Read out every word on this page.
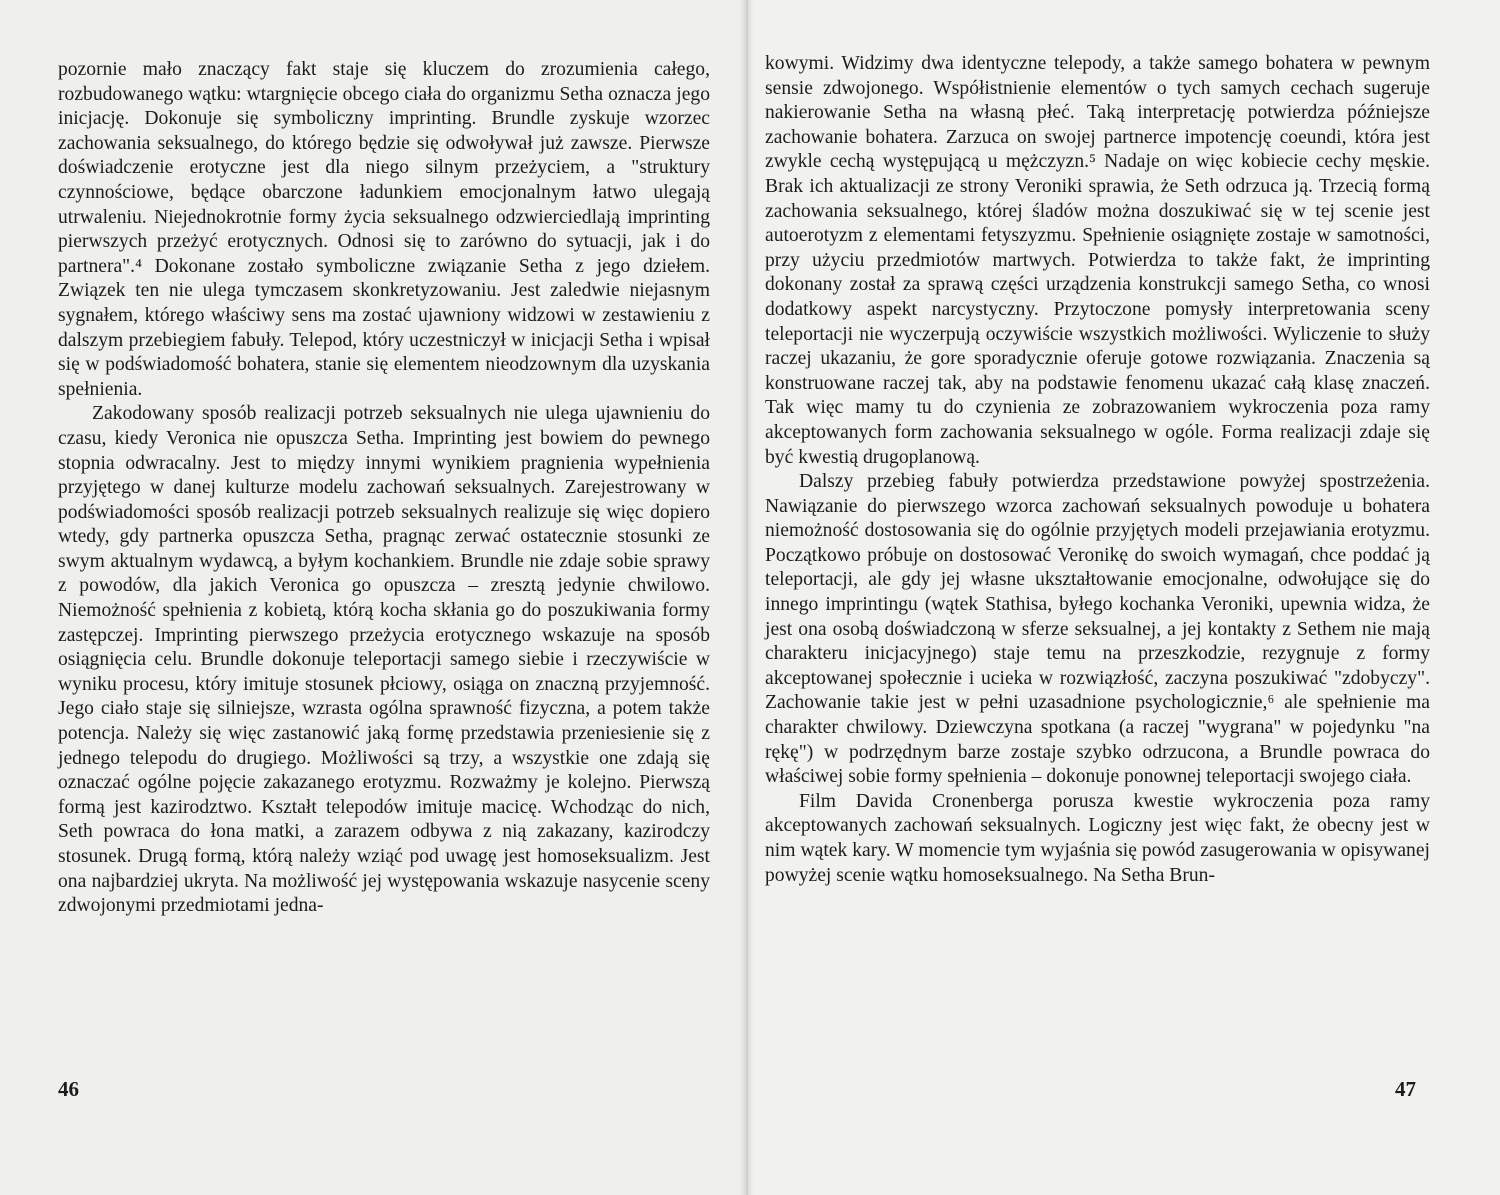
pozornie mało znaczący fakt staje się kluczem do zrozumienia całego, rozbudowanego wątku: wtargnięcie obcego ciała do organizmu Setha oznacza jego inicjację. Dokonuje się symboliczny imprinting. Brundle zyskuje wzorzec zachowania seksualnego, do którego będzie się odwoływał już zawsze. Pierwsze doświadczenie erotyczne jest dla niego silnym przeżyciem, a "struktury czynnościowe, będące obarczone ładunkiem emocjonalnym łatwo ulegają utrwaleniu. Niejednokrotnie formy życia seksualnego odzwierciedlają imprinting pierwszych przeżyć erotycznych. Odnosi się to zarówno do sytuacji, jak i do partnera".⁴ Dokonane zostało symboliczne związanie Setha z jego dziełem. Związek ten nie ulega tymczasem skonkretyzowaniu. Jest zaledwie niejasnym sygnałem, którego właściwy sens ma zostać ujawniony widzowi w zestawieniu z dalszym przebiegiem fabuły. Telepod, który uczestniczył w inicjacji Setha i wpisał się w podświadomość bohatera, stanie się elementem nieodzownym dla uzyskania spełnienia.

Zakodowany sposób realizacji potrzeb seksualnych nie ulega ujawnieniu do czasu, kiedy Veronica nie opuszcza Setha. Imprinting jest bowiem do pewnego stopnia odwracalny. Jest to między innymi wynikiem pragnienia wypełnienia przyjętego w danej kulturze modelu zachowań seksualnych. Zarejestrowany w podświadomości sposób realizacji potrzeb seksualnych realizuje się więc dopiero wtedy, gdy partnerka opuszcza Setha, pragnąc zerwać ostatecznie stosunki ze swym aktualnym wydawcą, a byłym kochankiem. Brundle nie zdaje sobie sprawy z powodów, dla jakich Veronica go opuszcza – zresztą jedynie chwilowo. Niemożność spełnienia z kobietą, którą kocha skłania go do poszukiwania formy zastępczej. Imprinting pierwszego przeżycia erotycznego wskazuje na sposób osiągnięcia celu. Brundle dokonuje teleportacji samego siebie i rzeczywiście w wyniku procesu, który imituje stosunek płciowy, osiąga on znaczną przyjemność. Jego ciało staje się silniejsze, wzrasta ogólna sprawność fizyczna, a potem także potencja. Należy się więc zastanowić jaką formę przedstawia przeniesienie się z jednego telepodu do drugiego. Możliwości są trzy, a wszystkie one zdają się oznaczać ogólne pojęcie zakazanego erotyzmu. Rozważmy je kolejno. Pierwszą formą jest kazirodztwo. Kształt telepodów imituje macicę. Wchodząc do nich, Seth powraca do łona matki, a zarazem odbywa z nią zakazany, kazirodczy stosunek. Drugą formą, którą należy wziąć pod uwagę jest homoseksualizm. Jest ona najbardziej ukryta. Na możliwość jej występowania wskazuje nasycenie sceny zdwojonymi przedmiotami jedna-

46

kowymi. Widzimy dwa identyczne telepody, a także samego bohatera w pewnym sensie zdwojonego. Współistnienie elementów o tych samych cechach sugeruje nakierowanie Setha na własną płeć. Taką interpretację potwierdza późniejsze zachowanie bohatera. Zarzuca on swojej partnerce impotencję coeundi, która jest zwykle cechą występującą u mężczyzn.⁵ Nadaje on więc kobiecie cechy męskie. Brak ich aktualizacji ze strony Veroniki sprawia, że Seth odrzuca ją. Trzecią formą zachowania seksualnego, której śladów można doszukiwać się w tej scenie jest autoerotyzm z elementami fetyszyzmu. Spełnienie osiągnięte zostaje w samotności, przy użyciu przedmiotów martwych. Potwierdza to także fakt, że imprinting dokonany został za sprawą części urządzenia konstrukcji samego Setha, co wnosi dodatkowy aspekt narcystyczny. Przytoczone pomysły interpretowania sceny teleportacji nie wyczerpują oczywiście wszystkich możliwości. Wyliczenie to służy raczej ukazaniu, że gore sporadycznie oferuje gotowe rozwiązania. Znaczenia są konstruowane raczej tak, aby na podstawie fenomenu ukazać całą klasę znaczeń. Tak więc mamy tu do czynienia ze zobrazowaniem wykroczenia poza ramy akceptowanych form zachowania seksualnego w ogóle. Forma realizacji zdaje się być kwestią drugoplanową.

Dalszy przebieg fabuły potwierdza przedstawione powyżej spostrzeżenia. Nawiązanie do pierwszego wzorca zachowań seksualnych powoduje u bohatera niemożność dostosowania się do ogólnie przyjętych modeli przejawiania erotyzmu. Początkowo próbuje on dostosować Veronikę do swoich wymagań, chce poddać ją teleportacji, ale gdy jej własne ukształtowanie emocjonalne, odwołujące się do innego imprintingu (wątek Stathisa, byłego kochanka Veroniki, upewnia widza, że jest ona osobą doświadczoną w sferze seksualnej, a jej kontakty z Sethem nie mają charakteru inicjacyjnego) staje temu na przeszkodzie, rezygnuje z formy akceptowanej społecznie i ucieka w rozwiązłość, zaczyna poszukiwać "zdobyczy". Zachowanie takie jest w pełni uzasadnione psychologicznie,⁶ ale spełnienie ma charakter chwilowy. Dziewczyna spotkana (a raczej "wygrana" w pojedynku "na rękę") w podrzędnym barze zostaje szybko odrzucona, a Brundle powraca do właściwej sobie formy spełnienia – dokonuje ponownej teleportacji swojego ciała.

Film Davida Cronenberga porusza kwestie wykroczenia poza ramy akceptowanych zachowań seksualnych. Logiczny jest więc fakt, że obecny jest w nim wątek kary. W momencie tym wyjaśnia się powód zasugerowania w opisywanej powyżej scenie wątku homoseksualnego. Na Setha Brun-

47
